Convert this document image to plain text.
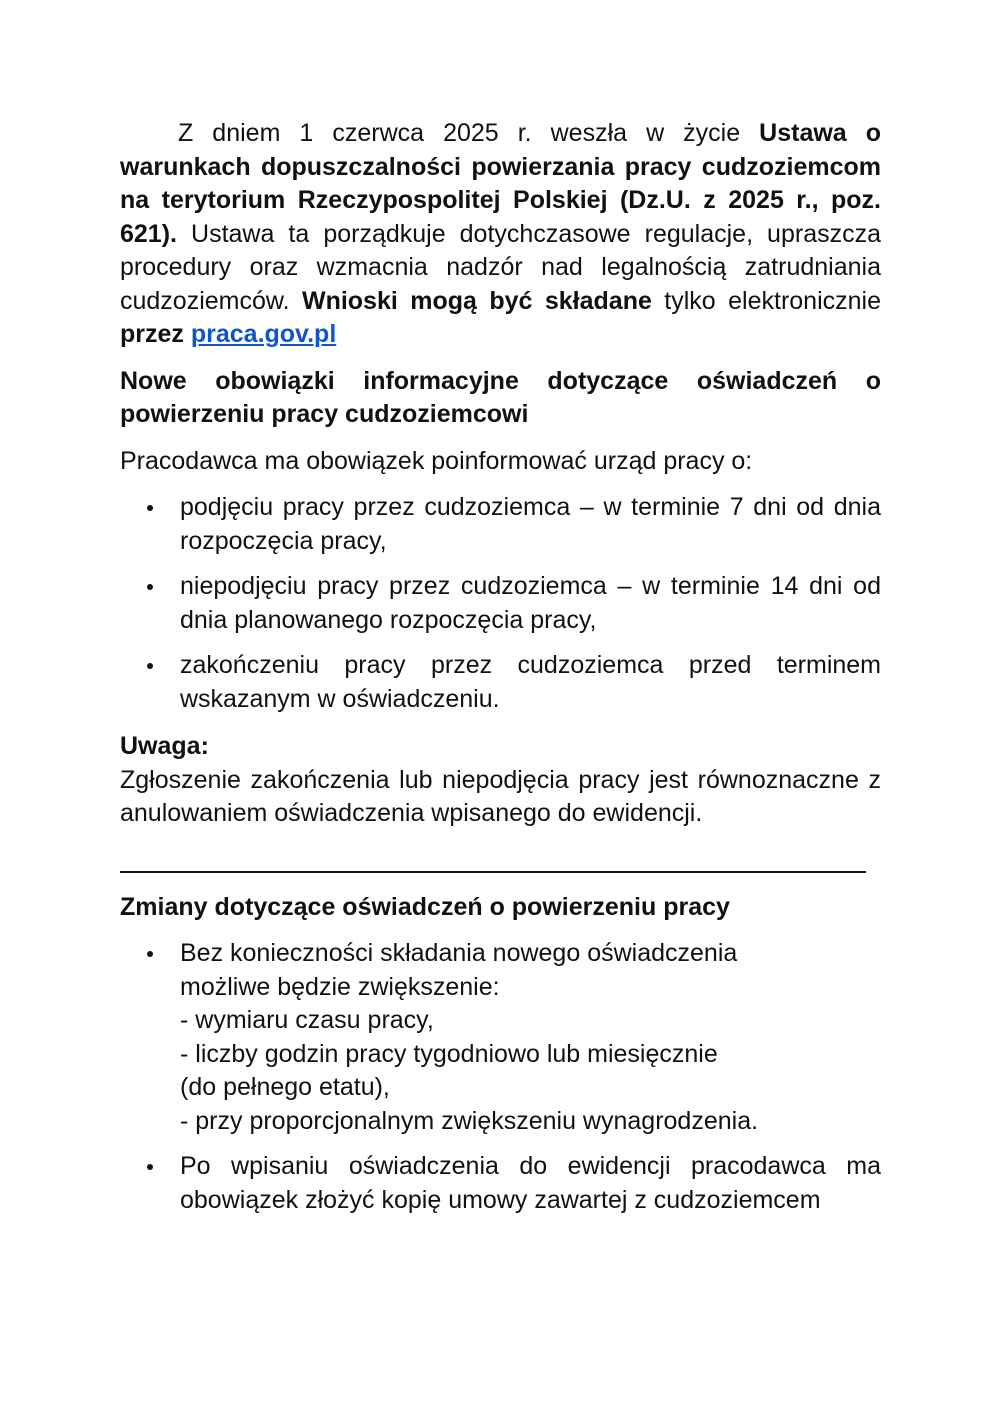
Z dniem 1 czerwca 2025 r. weszła w życie Ustawa o warunkach dopuszczalności powierzania pracy cudzoziemcom na terytorium Rzeczypospolitej Polskiej (Dz.U. z 2025 r., poz. 621). Ustawa ta porządkuje dotychczasowe regulacje, upraszcza procedury oraz wzmacnia nadzór nad legalnością zatrudniania cudzoziemców. Wnioski mogą być składane tylko elektronicznie przez praca.gov.pl

Nowe obowiązki informacyjne dotyczące oświadczeń o powierzeniu pracy cudzoziemcowi

Pracodawca ma obowiązek poinformować urząd pracy o:

podjęciu pracy przez cudzoziemca – w terminie 7 dni od dnia rozpoczęcia pracy,
niepodjęciu pracy przez cudzoziemca – w terminie 14 dni od dnia planowanego rozpoczęcia pracy,
zakończeniu pracy przez cudzoziemca przed terminem wskazanym w oświadczeniu.

Uwaga:

Zgłoszenie zakończenia lub niepodjęcia pracy jest równoznaczne z anulowaniem oświadczenia wpisanego do ewidencji.

Zmiany dotyczące oświadczeń o powierzeniu pracy

Bez konieczności składania nowego oświadczenia
możliwe będzie zwiększenie:
- wymiaru czasu pracy,
- liczby godzin pracy tygodniowo lub miesięcznie
(do pełnego etatu),
- przy proporcjonalnym zwiększeniu wynagrodzenia.
Po wpisaniu oświadczenia do ewidencji pracodawca ma obowiązek złożyć kopię umowy zawartej z cudzoziemcem
